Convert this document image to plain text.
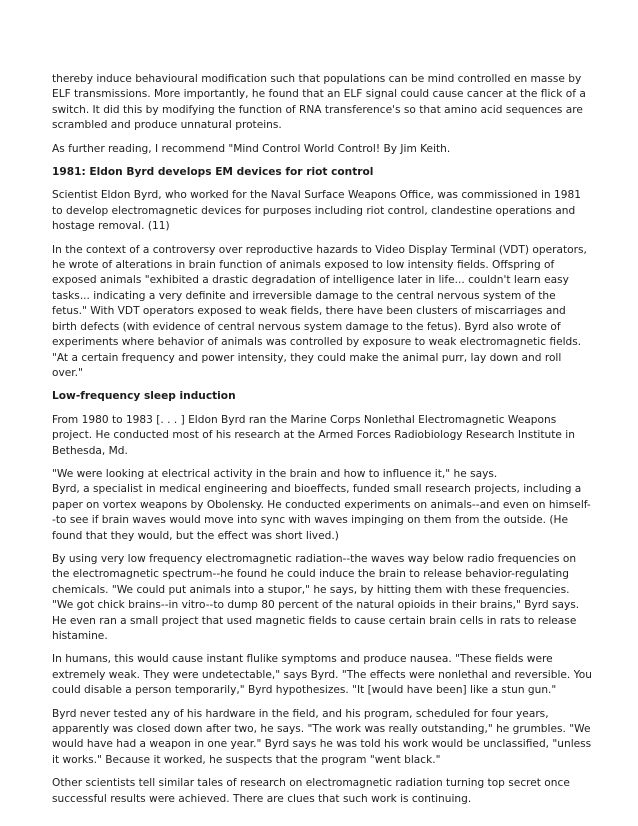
thereby induce behavioural modification such that populations can be mind controlled en masse by ELF transmissions. More importantly, he found that an ELF signal could cause cancer at the flick of a switch. It did this by modifying the function of RNA transference's so that amino acid sequences are scrambled and produce unnatural proteins.

As further reading, I recommend "Mind Control World Control! By Jim Keith.

1981: Eldon Byrd develops EM devices for riot control

Scientist Eldon Byrd, who worked for the Naval Surface Weapons Office, was commissioned in 1981 to develop electromagnetic devices for purposes including riot control, clandestine operations and hostage removal. (11)

In the context of a controversy over reproductive hazards to Video Display Terminal (VDT) operators, he wrote of alterations in brain function of animals exposed to low intensity fields. Offspring of exposed animals "exhibited a drastic degradation of intelligence later in life... couldn't learn easy tasks... indicating a very definite and irreversible damage to the central nervous system of the fetus." With VDT operators exposed to weak fields, there have been clusters of miscarriages and birth defects (with evidence of central nervous system damage to the fetus). Byrd also wrote of experiments where behavior of animals was controlled by exposure to weak electromagnetic fields. "At a certain frequency and power intensity, they could make the animal purr, lay down and roll over."

Low-frequency sleep induction

From 1980 to 1983 [. . . ] Eldon Byrd ran the Marine Corps Nonlethal Electromagnetic Weapons project. He conducted most of his research at the Armed Forces Radiobiology Research Institute in Bethesda, Md.

"We were looking at electrical activity in the brain and how to influence it," he says.
Byrd, a specialist in medical engineering and bioeffects, funded small research projects, including a paper on vortex weapons by Obolensky. He conducted experiments on animals--and even on himself--to see if brain waves would move into sync with waves impinging on them from the outside. (He found that they would, but the effect was short lived.)

By using very low frequency electromagnetic radiation--the waves way below radio frequencies on the electromagnetic spectrum--he found he could induce the brain to release behavior-regulating chemicals. "We could put animals into a stupor," he says, by hitting them with these frequencies. "We got chick brains--in vitro--to dump 80 percent of the natural opioids in their brains," Byrd says. He even ran a small project that used magnetic fields to cause certain brain cells in rats to release histamine.

In humans, this would cause instant flulike symptoms and produce nausea. "These fields were extremely weak. They were undetectable," says Byrd. "The effects were nonlethal and reversible. You could disable a person temporarily," Byrd hypothesizes. "It [would have been] like a stun gun."

Byrd never tested any of his hardware in the field, and his program, scheduled for four years, apparently was closed down after two, he says. "The work was really outstanding," he grumbles. "We would have had a weapon in one year." Byrd says he was told his work would be unclassified, "unless it works." Because it worked, he suspects that the program "went black."

Other scientists tell similar tales of research on electromagnetic radiation turning top secret once successful results were achieved. There are clues that such work is continuing.
